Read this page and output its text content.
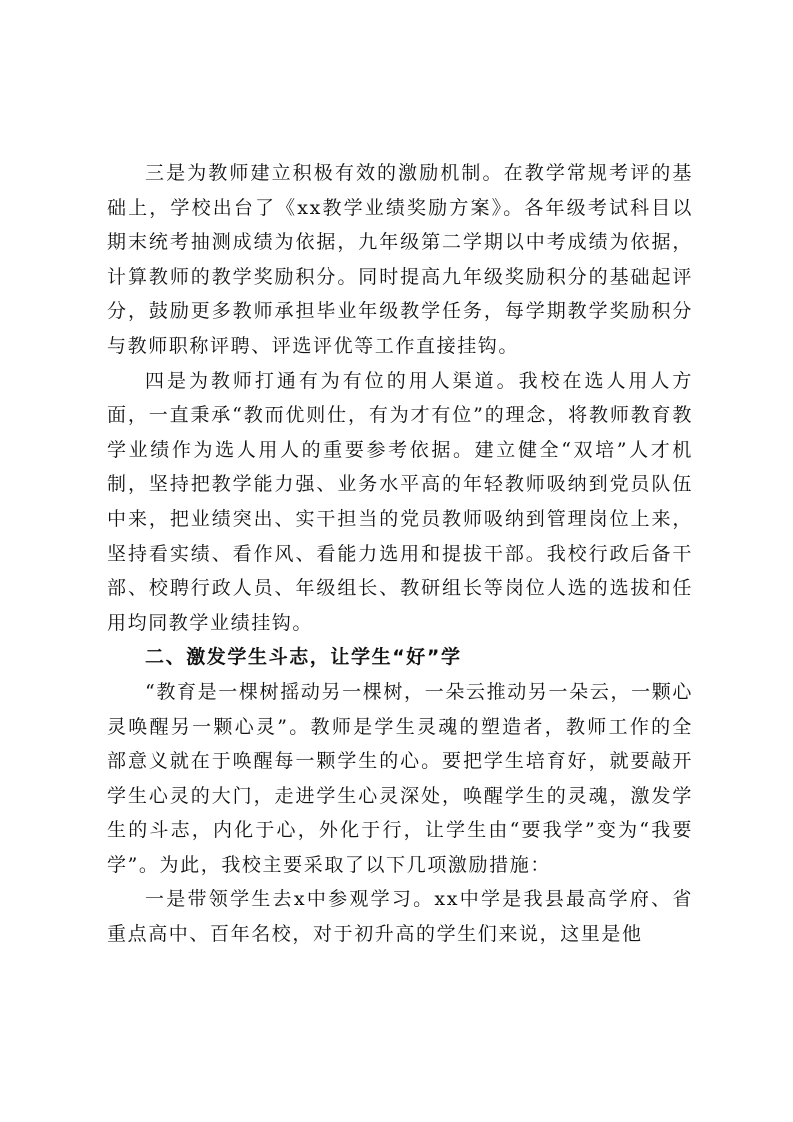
三是为教师建立积极有效的激励机制。在教学常规考评的基础上，学校出台了《xx教学业绩奖励方案》。各年级考试科目以期末统考抽测成绩为依据，九年级第二学期以中考成绩为依据，计算教师的教学奖励积分。同时提高九年级奖励积分的基础起评分，鼓励更多教师承担毕业年级教学任务，每学期教学奖励积分与教师职称评聘、评选评优等工作直接挂钩。

四是为教师打通有为有位的用人渠道。我校在选人用人方面，一直秉承“教而优则仕，有为才有位”的理念，将教师教育教学业绩作为选人用人的重要参考依据。建立健全“双培”人才机制，坚持把教学能力强、业务水平高的年轻教师吸纳到党员队伍中来，把业绩突出、实干担当的党员教师吸纳到管理岗位上来，坚持看实绩、看作风、看能力选用和提拔干部。我校行政后备干部、校聘行政人员、年级组长、教研组长等岗位人选的选拔和任用均同教学业绩挂钩。

二、激发学生斗志，让学生“好”学

“教育是一棵树摇动另一棵树，一朵云推动另一朵云，一颗心灵唤醒另一颗心灵”。教师是学生灵魂的塑造者，教师工作的全部意义就在于唤醒每一颗学生的心。要把学生培育好，就要敲开学生心灵的大门，走进学生心灵深处，唤醒学生的灵魂，激发学生的斗志，内化于心，外化于行，让学生由“要我学”变为“我要学”。为此，我校主要采取了以下几项激励措施：

一是带领学生去x中参观学习。xx中学是我县最高学府、省重点高中、百年名校，对于初升高的学生们来说，这里是他
